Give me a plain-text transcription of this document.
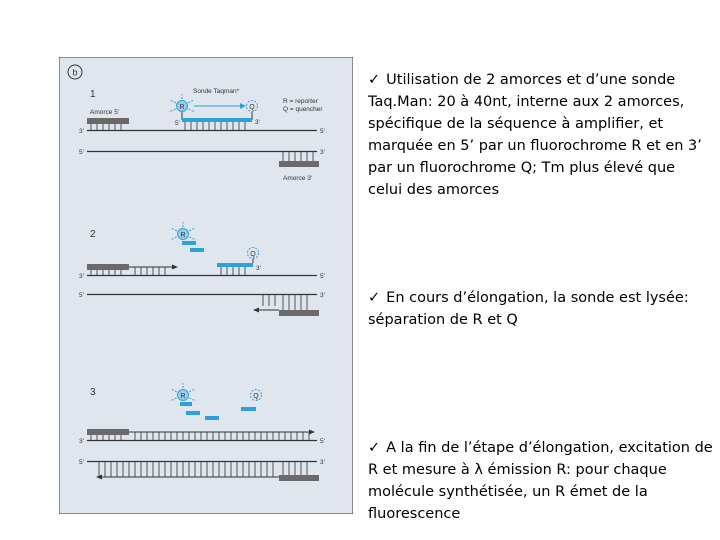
b
1	Sonde Taqman*
R = reporter
Q = quencher
Amorce 5'
R	Q
5'	3'
3'	5'
5'	3'
Amorce 3'
2	R
Q
3'
3'	5'
5'	3'
3	R	Q
3'	5'
5'	3'

✓ Utilisation de 2 amorces et d’une sonde
Taq.Man: 20 à 40nt, interne aux 2 amorces,
spécifique de la séquence à amplifier, et
marquée en 5’ par un fluorochrome R et en 3’
par un fluorochrome Q; Tm plus élevé que
celui des amorces

✓ En cours d’élongation, la sonde est lysée:
séparation de R et Q

✓ A la fin de l’étape d’élongation, excitation de
R et mesure à λ émission R: pour chaque
molécule synthétisée, un R émet de la
fluorescence
